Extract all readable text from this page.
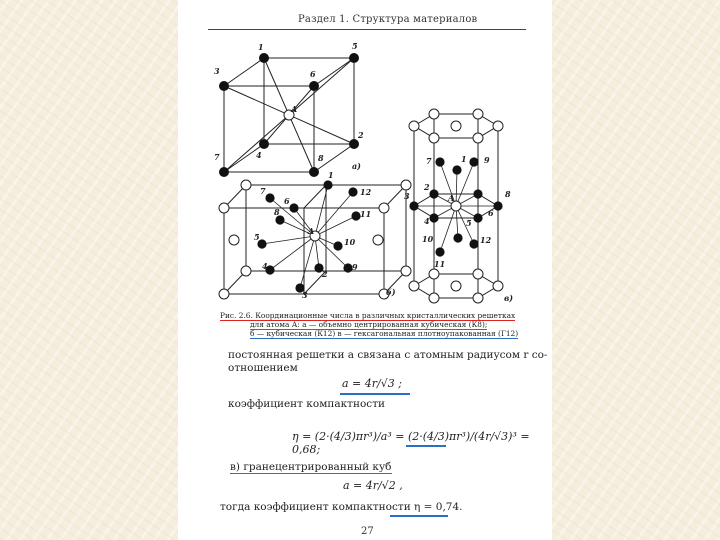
Раздел 1. Структура материалов
1
3
5
6
2
7	8
4
A
а)
1
12
7
11
8
10
5
2
4
3
9
6
A
б)
7	9
1
2
8
3
6
10	12
11
4	5
A
в)
Рис. 2.6. Координационные числа в различных кристаллических решетках
для атома А: а — объемно центрированная кубическая (К8);
б — кубическая (К12) в — гексагональная плотноупакованная (Г12)
постоянная решетки a связана с атомным радиусом r со-
отношением
a = 4r/√3 ;
коэффициент компактности
η = (2·(4/3)πr³)/a³ = (2·(4/3)πr³)/(4r/√3)³ = 0,68;
в) гранецентрированный куб
a = 4r/√2 ,
тогда коэффициент компактности η = 0,74.
27
